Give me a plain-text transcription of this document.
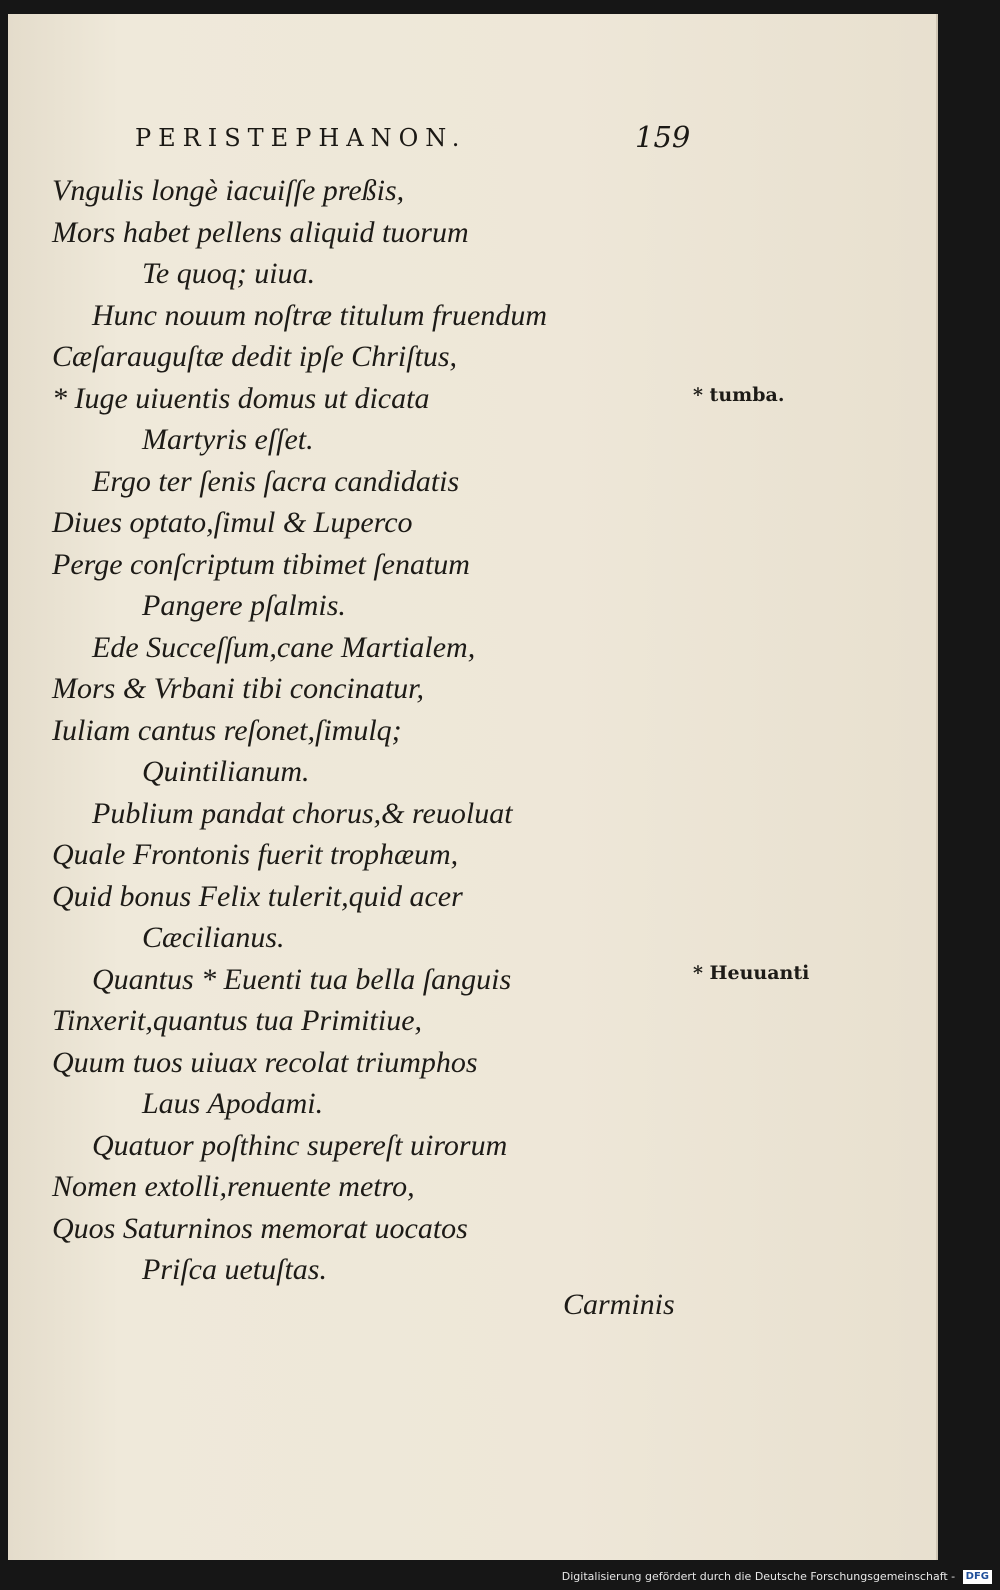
PERISTEPHANON.	159
Vngulis longè iacuiſſe preßis,
Mors habet pellens aliquid tuorum
Te quoq; uiua.
Hunc nouum noſtræ titulum fruendum
Cæſarauguſtæ dedit ipſe Chriſtus,
* Iuge uiuentis domus ut dicata
Martyris eſſet.
Ergo ter ſenis ſacra candidatis
Diues optato,ſimul & Luperco
Perge conſcriptum tibimet ſenatum
Pangere pſalmis.
Ede Succeſſum,cane Martialem,
Mors & Vrbani tibi concinatur,
Iuliam cantus reſonet,ſimulq;
Quintilianum.
Publium pandat chorus,& reuoluat
Quale Frontonis fuerit trophæum,
Quid bonus Felix tulerit,quid acer
Cæcilianus.
Quantus * Euenti tua bella ſanguis
Tinxerit,quantus tua Primitiue,
Quum tuos uiuax recolat triumphos
Laus Apodami.
Quatuor poſthinc supereſt uirorum
Nomen extolli,renuente metro,
Quos Saturninos memorat uocatos
Priſca uetuſtas.
* tumba.
* Heuuanti
Carminis
Digitalisierung gefördert durch die Deutsche Forschungsgemeinschaft - DFG
